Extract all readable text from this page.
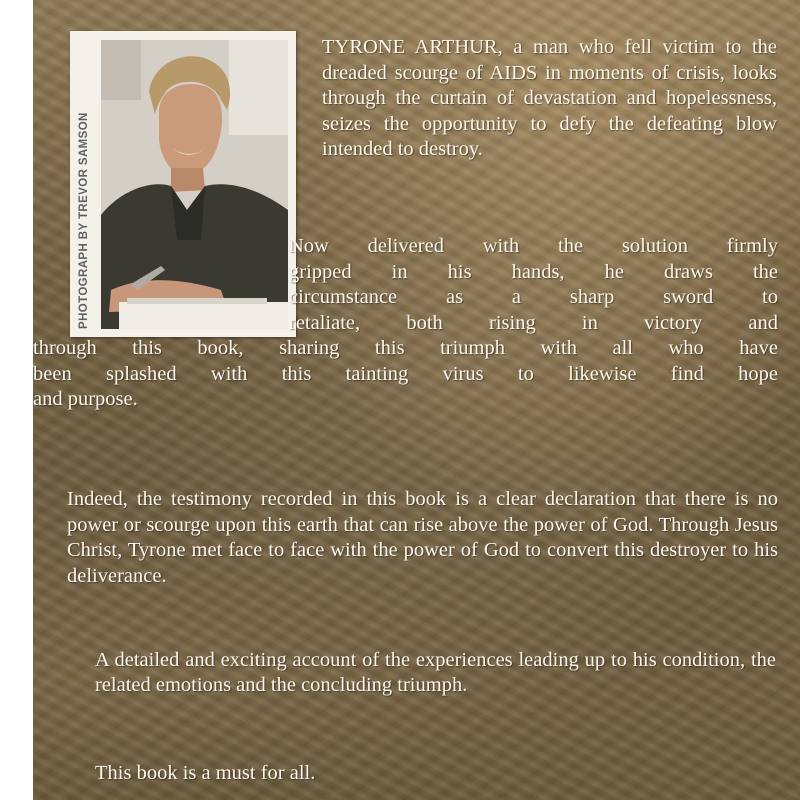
PHOTOGRAPH BY TREVOR SAMSON

TYRONE ARTHUR, a man who fell victim to the dreaded scourge of AIDS in moments of crisis, looks through the curtain of devastation and hopelessness, seizes the opportunity to defy the defeating blow intended to destroy.

Now delivered with the solution firmly
gripped in his hands, he draws the
circumstance as a sharp sword to
retaliate, both rising in victory and
through this book, sharing this triumph with all who have
been splashed with this tainting virus to likewise find hope
and purpose.

Indeed, the testimony recorded in this book is a clear declaration that there is no power or scourge upon this earth that can rise above the power of God. Through Jesus Christ, Tyrone met face to face with the power of God to convert this destroyer to his deliverance.

A detailed and exciting account of the experiences leading up to his condition, the related emotions and the concluding triumph.

This book is a must for all.
